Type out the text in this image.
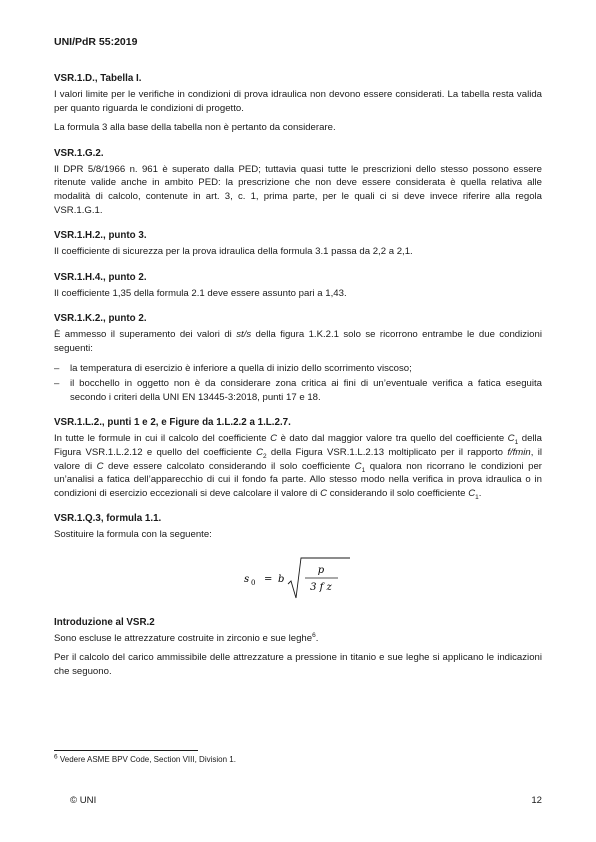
UNI/PdR 55:2019
VSR.1.D., Tabella I.

I valori limite per le verifiche in condizioni di prova idraulica non devono essere considerati. La tabella resta valida per quanto riguarda le condizioni di progetto.

La formula 3 alla base della tabella non è pertanto da considerare.

VSR.1.G.2.

Il DPR 5/8/1966 n. 961 è superato dalla PED; tuttavia quasi tutte le prescrizioni dello stesso possono essere ritenute valide anche in ambito PED: la prescrizione che non deve essere considerata è quella relativa alle modalità di calcolo, contenute in art. 3, c. 1, prima parte, per le quali ci si deve invece riferire alla regola VSR.1.G.1.

VSR.1.H.2., punto 3.

Il coefficiente di sicurezza per la prova idraulica della formula 3.1 passa da 2,2 a 2,1.

VSR.1.H.4., punto 2.

Il coefficiente 1,35 della formula 2.1 deve essere assunto pari a 1,43.

VSR.1.K.2., punto 2.

È ammesso il superamento dei valori di st/s della figura 1.K.2.1 solo se ricorrono entrambe le due condizioni seguenti:

– la temperatura di esercizio è inferiore a quella di inizio dello scorrimento viscoso;
– il bocchello in oggetto non è da considerare zona critica ai fini di un’eventuale verifica a fatica eseguita secondo i criteri della UNI EN 13445-3:2018, punti 17 e 18.
VSR.1.L.2., punti 1 e 2, e Figure da 1.L.2.2 a 1.L.2.7.

In tutte le formule in cui il calcolo del coefficiente C è dato dal maggior valore tra quello del coefficiente $C_1$ della Figura VSR.1.L.2.12 e quello del coefficiente $C_2$ della Figura VSR.1.L.2.13 moltiplicato per il rapporto f/fmin, il valore di C deve essere calcolato considerando il solo coefficiente $C_1$ qualora non ricorrano le condizioni per un’analisi a fatica dell’apparecchio di cui il fondo fa parte. Allo stesso modo nella verifica in prova idraulica o in condizioni di esercizio eccezionali si deve calcolare il valore di C considerando il solo coefficiente $C_1$.

VSR.1.Q.3, formula 1.1.

Sostituire la formula con la seguente:

s 0 = b
p
3 f z
Introduzione al VSR.2

Sono escluse le attrezzature costruite in zirconio e sue leghe$^6$.

Per il calcolo del carico ammissibile delle attrezzature a pressione in titanio e sue leghe si applicano le indicazioni che seguono.

$^6$ Vedere ASME BPV Code, Section VIII, Division 1.
© UNI	12
